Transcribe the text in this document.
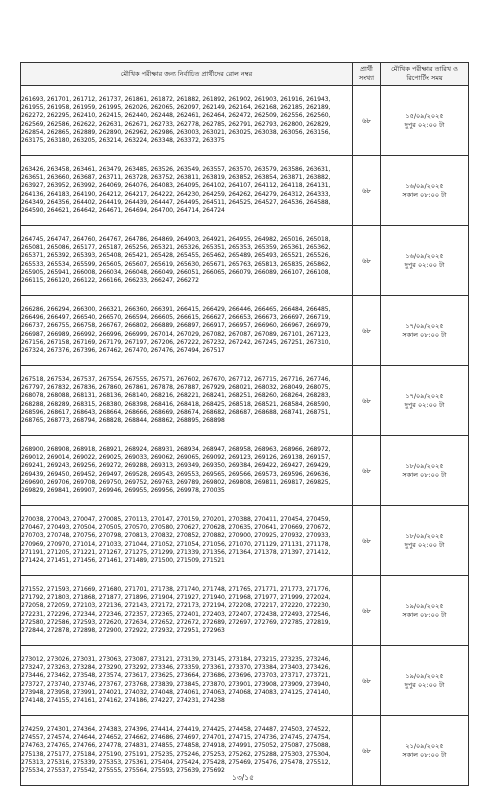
মৌখিক পরীক্ষার জন্য নির্বাচিত প্রার্থীদের রোল নম্বর	প্রার্থী সংখ্যা	মৌখিক পরীক্ষার তারিখ ও রিপোর্টিং সময়
261693, 261701, 261712, 261737, 261861, 261872, 261882, 261892, 261902, 261903, 261916, 261943, 261955, 261958, 261959, 261995, 262026, 262065, 262097, 262149, 262164, 262168, 262185, 262189, 262272, 262295, 262410, 262415, 262440, 262448, 262461, 262464, 262472, 262509, 262556, 262560, 262569, 262586, 262622, 262631, 262671, 262733, 262778, 262785, 262791, 262793, 262800, 262829, 262854, 262865, 262889, 262890, 262962, 262986, 263003, 263021, 263025, 263038, 263056, 263156, 263175, 263180, 263205, 263214, 263224, 263348, 263372, 263375	৬৮	১৫/০৯/২০২৫
দুপুর ০২:০০ টা

263426, 263458, 263461, 263479, 263485, 263526, 263549, 263557, 263570, 263579, 263586, 263631, 263651, 263660, 263687, 263711, 263728, 263752, 263811, 263819, 263852, 263854, 263871, 263882, 263927, 263952, 263992, 264069, 264076, 264083, 264095, 264102, 264107, 264112, 264118, 264131, 264136, 264183, 264190, 264212, 264217, 264222, 264230, 264259, 264262, 264279, 264312, 264333, 264349, 264356, 264402, 264419, 264439, 264447, 264495, 264511, 264525, 264527, 264536, 264588, 264590, 264621, 264642, 264671, 264694, 264700, 264714, 264724	৬৮	১৬/০৯/২০২৫
সকাল ০৮:০০ টা

264745, 264747, 264760, 264767, 264786, 264869, 264903, 264921, 264955, 264982, 265016, 265018, 265081, 265086, 265177, 265187, 265256, 265321, 265326, 265351, 265353, 265359, 265361, 265362, 265371, 265392, 265393, 265408, 265421, 265428, 265455, 265462, 265489, 265493, 265521, 265526, 265533, 265534, 265599, 265605, 265607, 265619, 265630, 265671, 265763, 265813, 265835, 265862, 265905, 265941, 266008, 266034, 266048, 266049, 266051, 266065, 266079, 266089, 266107, 266108, 266115, 266120, 266122, 266166, 266233, 266247, 266272	৬৮	১৬/০৯/২০২৫
দুপুর ০২:০০ টা

266286, 266294, 266300, 266321, 266360, 266391, 266415, 266429, 266446, 266465, 266484, 266485, 266496, 266497, 266540, 266570, 266594, 266605, 266615, 266627, 266653, 266673, 266697, 266719, 266737, 266755, 266758, 266767, 266802, 266889, 266897, 266917, 266957, 266960, 266967, 266979, 266987, 266989, 266992, 266996, 266999, 267014, 267029, 267082, 267087, 267089, 267101, 267123, 267156, 267158, 267169, 267179, 267197, 267206, 267222, 267232, 267242, 267245, 267251, 267310, 267324, 267376, 267396, 267462, 267470, 267476, 267494, 267517	৬৮	১৭/০৯/২০২৫
সকাল ০৮:০০ টা

267518, 267534, 267537, 267554, 267555, 267571, 267602, 267670, 267712, 267715, 267716, 267746, 267797, 267832, 267836, 267860, 267861, 267878, 267887, 267929, 268021, 268032, 268049, 268075, 268078, 268088, 268131, 268136, 268140, 268216, 268221, 268241, 268251, 268260, 268264, 268283, 268288, 268289, 268315, 268380, 268398, 268416, 268418, 268425, 268518, 268521, 268584, 268590, 268596, 268617, 268643, 268664, 268666, 268669, 268674, 268682, 268687, 268688, 268741, 268751, 268765, 268773, 268794, 268828, 268844, 268862, 268895, 268898	৬৮	১৭/০৯/২০২৫
দুপুর ০২:০০ টা

268900, 268908, 268918, 268921, 268924, 268931, 268934, 268947, 268958, 268963, 268966, 268972, 269012, 269014, 269022, 269025, 269033, 269062, 269065, 269092, 269123, 269126, 269138, 269157, 269241, 269243, 269256, 269272, 269288, 269313, 269349, 269350, 269384, 269422, 269427, 269429, 269439, 269450, 269452, 269497, 269528, 269543, 269553, 269565, 269566, 269573, 269596, 269636, 269690, 269706, 269708, 269750, 269752, 269763, 269789, 269802, 269808, 269811, 269817, 269825, 269829, 269841, 269907, 269946, 269955, 269956, 269978, 270035	৬৮	১৮/০৯/২০২৫
সকাল ০৮:০০ টা

270038, 270043, 270047, 270085, 270113, 270147, 270159, 270201, 270388, 270411, 270454, 270459, 270467, 270493, 270504, 270505, 270570, 270580, 270627, 270628, 270635, 270641, 270669, 270672, 270703, 270748, 270756, 270798, 270813, 270832, 270852, 270882, 270900, 270925, 270932, 270933, 270969, 270970, 271014, 271033, 271044, 271052, 271054, 271056, 271070, 271129, 271131, 271178, 271191, 271205, 271221, 271267, 271275, 271299, 271339, 271356, 271364, 271378, 271397, 271412, 271424, 271451, 271456, 271461, 271489, 271500, 271509, 271521	৬৮	১৮/০৯/২০২৫
দুপুর ০২:০০ টা

271552, 271593, 271669, 271680, 271701, 271738, 271740, 271748, 271765, 271771, 271773, 271776, 271792, 271803, 271868, 271877, 271896, 271904, 271927, 271940, 271968, 271977, 271999, 272024, 272058, 272059, 272103, 272136, 272143, 272172, 272173, 272194, 272208, 272217, 272220, 272230, 272231, 272296, 272344, 272346, 272357, 272365, 272401, 272403, 272407, 272438, 272493, 272546, 272580, 272586, 272593, 272620, 272634, 272652, 272672, 272689, 272697, 272769, 272785, 272819, 272844, 272878, 272898, 272900, 272922, 272932, 272951, 272963	৬৮	১৯/০৯/২০২৫
সকাল ০৮:০০ টা

273012, 273026, 273031, 273063, 273087, 273121, 273139, 273145, 273184, 273215, 273235, 273246, 273247, 273263, 273284, 273290, 273292, 273346, 273359, 273361, 273370, 273384, 273403, 273426, 273446, 273462, 273548, 273574, 273617, 273625, 273664, 273686, 273696, 273703, 273717, 273721, 273727, 273740, 273746, 273767, 273768, 273839, 273845, 273870, 273901, 273908, 273909, 273940, 273948, 273958, 273991, 274021, 274032, 274048, 274061, 274063, 274068, 274083, 274125, 274140, 274148, 274155, 274161, 274162, 274186, 274227, 274231, 274238	৬৮	১৯/০৯/২০২৫
দুপুর ০২:০০ টা

274259, 274301, 274364, 274383, 274396, 274414, 274419, 274425, 274458, 274487, 274503, 274522, 274557, 274574, 274644, 274652, 274662, 274686, 274697, 274701, 274715, 274736, 274745, 274754, 274763, 274765, 274766, 274778, 274831, 274855, 274858, 274918, 274991, 275052, 275087, 275088, 275138, 275177, 275184, 275190, 275191, 275235, 275246, 275253, 275262, 275288, 275303, 275304, 275313, 275316, 275339, 275353, 275361, 275404, 275424, 275428, 275469, 275476, 275478, 275512, 275534, 275537, 275542, 275555, 275564, 275593, 275639, 275692	৬৮	২১/০৯/২০২৫
সকাল ০৮:০০ টা
১৩/১৫
